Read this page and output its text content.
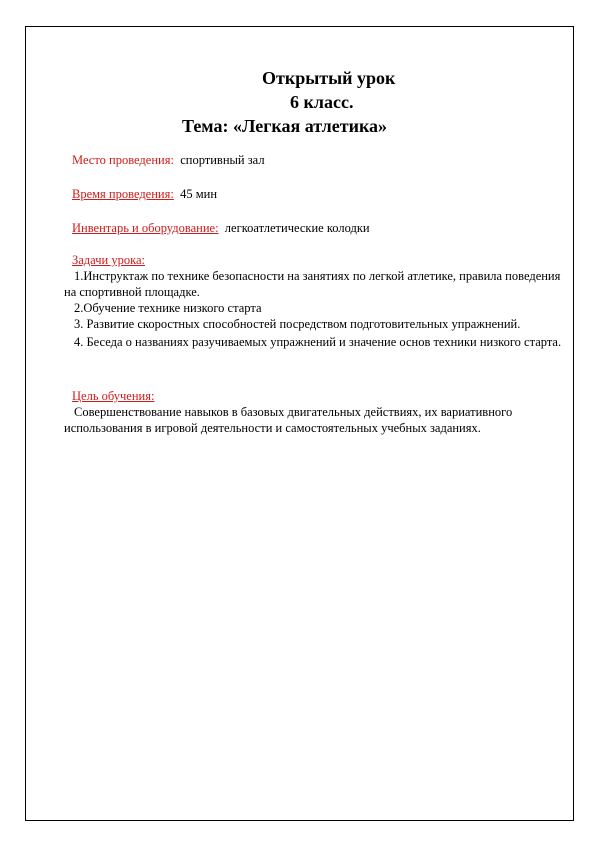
Открытый урок
6 класс.
Тема: «Легкая атлетика»
Место проведения: спортивный зал
Время проведения: 45 мин
Инвентарь и оборудование: легкоатлетические колодки
Задачи урока:
1.Инструктаж по технике безопасности на занятиях по легкой атлетике, правила поведения на спортивной площадке.
2.Обучение технике низкого старта
3. Развитие скоростных способностей посредством подготовительных упражнений.
4. Беседа о названиях разучиваемых упражнений и значение основ техники низкого старта.
Цель обучения:
Совершенствование навыков в базовых двигательных действиях, их вариативного использования в игровой деятельности и самостоятельных учебных заданиях.
